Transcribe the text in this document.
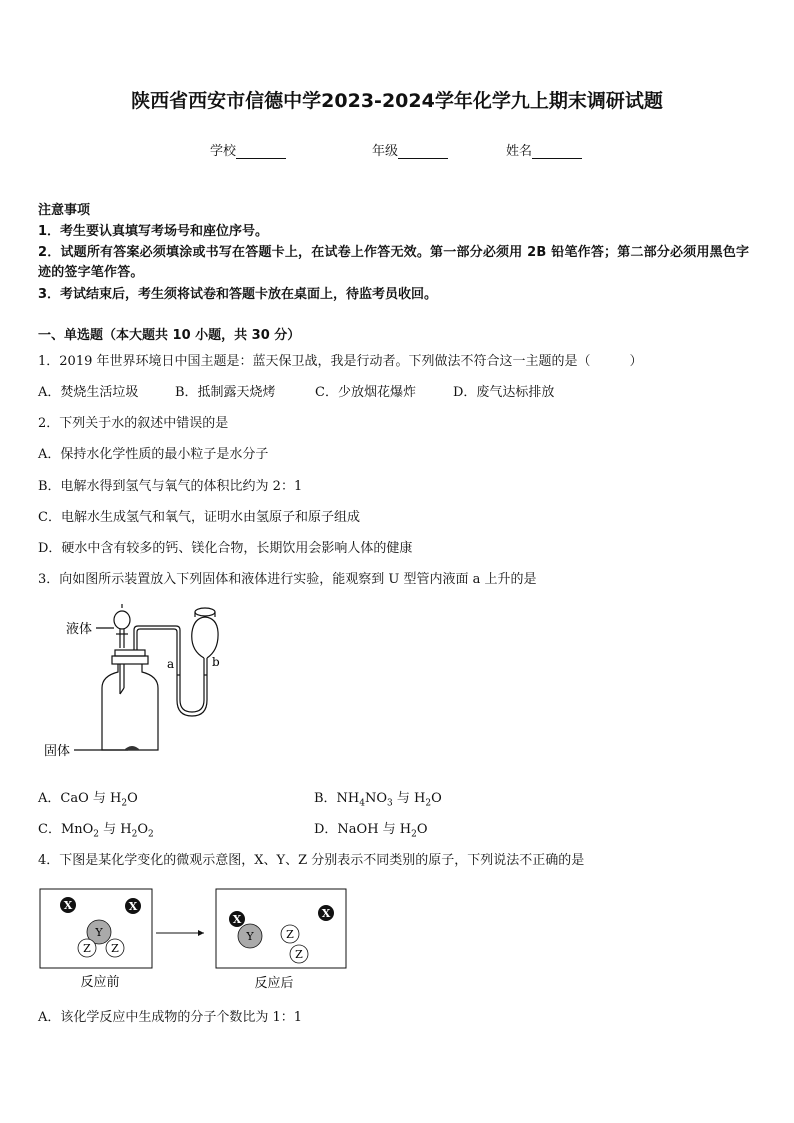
陕西省西安市信德中学2023-2024学年化学九上期末调研试题
学校	年级	姓名
注意事项
1．考生要认真填写考场号和座位序号。
2．试题所有答案必须填涂或书写在答题卡上，在试卷上作答无效。第一部分必须用 2B 铅笔作答；第二部分必须用黑色字迹的签字笔作答。
3．考试结束后，考生须将试卷和答题卡放在桌面上，待监考员收回。
一、单选题（本大题共 10 小题，共 30 分）
1．2019 年世界环境日中国主题是：蓝天保卫战，我是行动者。下列做法不符合这一主题的是（　　　）
A．焚烧生活垃圾	B．抵制露天烧烤	C．少放烟花爆炸	D．废气达标排放
2．下列关于水的叙述中错误的是
A．保持水化学性质的最小粒子是水分子
B．电解水得到氢气与氧气的体积比约为 2：1
C．电解水生成氢气和氧气，证明水由氢原子和原子组成
D．硬水中含有较多的钙、镁化合物，长期饮用会影响人体的健康
3．向如图所示装置放入下列固体和液体进行实验，能观察到 U 型管内液面 a 上升的是
液体
固体
a	b
A．CaO 与 $H_2O$	B．$NH_4NO_3$ 与 $H_2O$
C．MnO$_2$ 与 $H_2O_2$	D．NaOH 与 $H_2O$
4．下图是某化学变化的微观示意图，X、Y、Z 分别表示不同类别的原子，下列说法不正确的是
X	X
Y
Z Z
X
Y	Z
Z
X
反应前	反应后
A．该化学反应中生成物的分子个数比为 1：1
